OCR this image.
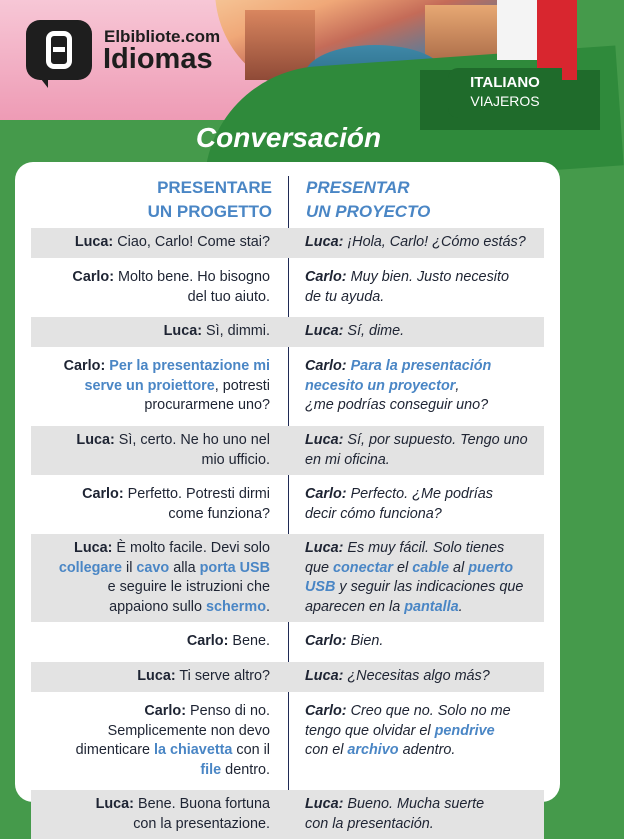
Elbibliote.com
Idiomas
ITALIANO
VIAJEROS
Conversación
PRESENTARE
UN PROGETTO
PRESENTAR
UN PROYECTO
Luca: Ciao, Carlo! Come stai? Luca: ¡Hola, Carlo! ¿Cómo estás?
Carlo: Molto bene. Ho bisogno
del tuo aiuto.
Carlo: Muy bien. Justo necesito
de tu ayuda.
Luca: Sì, dimmi. Luca: Sí, dime.
Carlo: Per la presentazione mi
serve un proiettore, potresti
procurarmene uno?
Carlo: Para la presentación
necesito un proyector,
¿me podrías conseguir uno?
Luca: Sì, certo. Ne ho uno nel
mio ufficio.
Luca: Sí, por supuesto. Tengo uno
en mi oficina.
Carlo: Perfetto. Potresti dirmi
come funziona?
Carlo: Perfecto. ¿Me podrías
decir cómo funciona?
Luca: È molto facile. Devi solo
collegare il cavo alla porta USB
e seguire le istruzioni che
appaiono sullo schermo.
Luca: Es muy fácil. Solo tienes
que conectar el cable al puerto
USB y seguir las indicaciones que
aparecen en la pantalla.
Carlo: Bene. Carlo: Bien.
Luca: Ti serve altro? Luca: ¿Necesitas algo más?
Carlo: Penso di no.
Semplicemente non devo
dimenticare la chiavetta con il
file dentro.
Carlo: Creo que no. Solo no me
tengo que olvidar el pendrive
con el archivo adentro.
Luca: Bene. Buona fortuna
con la presentazione.
Luca: Bueno. Mucha suerte
con la presentación.
